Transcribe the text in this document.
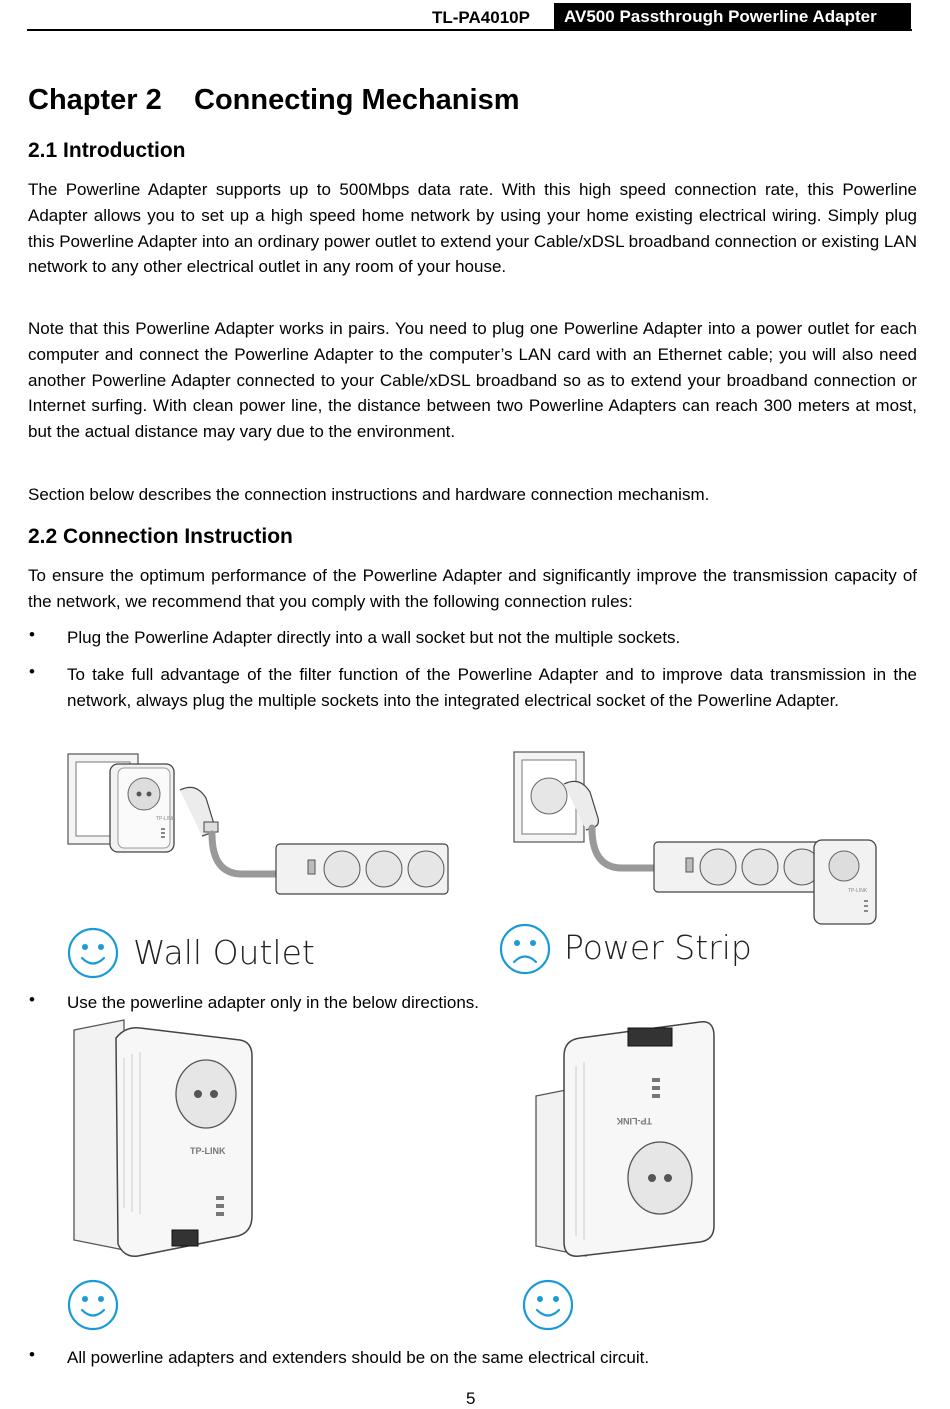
TL-PA4010P	AV500 Passthrough Powerline Adapter
Chapter 2 Connecting Mechanism
2.1 Introduction
The Powerline Adapter supports up to 500Mbps data rate. With this high speed connection rate, this Powerline Adapter allows you to set up a high speed home network by using your home existing electrical wiring. Simply plug this Powerline Adapter into an ordinary power outlet to extend your Cable/xDSL broadband connection or existing LAN network to any other electrical outlet in any room of your house.
Note that this Powerline Adapter works in pairs. You need to plug one Powerline Adapter into a power outlet for each computer and connect the Powerline Adapter to the computer’s LAN card with an Ethernet cable; you will also need another Powerline Adapter connected to your Cable/xDSL broadband so as to extend your broadband connection or Internet surfing. With clean power line, the distance between two Powerline Adapters can reach 300 meters at most, but the actual distance may vary due to the environment.
Section below describes the connection instructions and hardware connection mechanism.
2.2 Connection Instruction
To ensure the optimum performance of the Powerline Adapter and significantly improve the transmission capacity of the network, we recommend that you comply with the following connection rules:
• Plug the Powerline Adapter directly into a wall socket but not the multiple sockets.
• To take full advantage of the filter function of the Powerline Adapter and to improve data transmission in the network, always plug the multiple sockets into the integrated electrical socket of the Powerline Adapter.
TP-LINK
TP-LINK
Wall Outlet	Power Strip
• Use the powerline adapter only in the below directions.
TP-LINK
TP-LINK
• All powerline adapters and extenders should be on the same electrical circuit.
5
